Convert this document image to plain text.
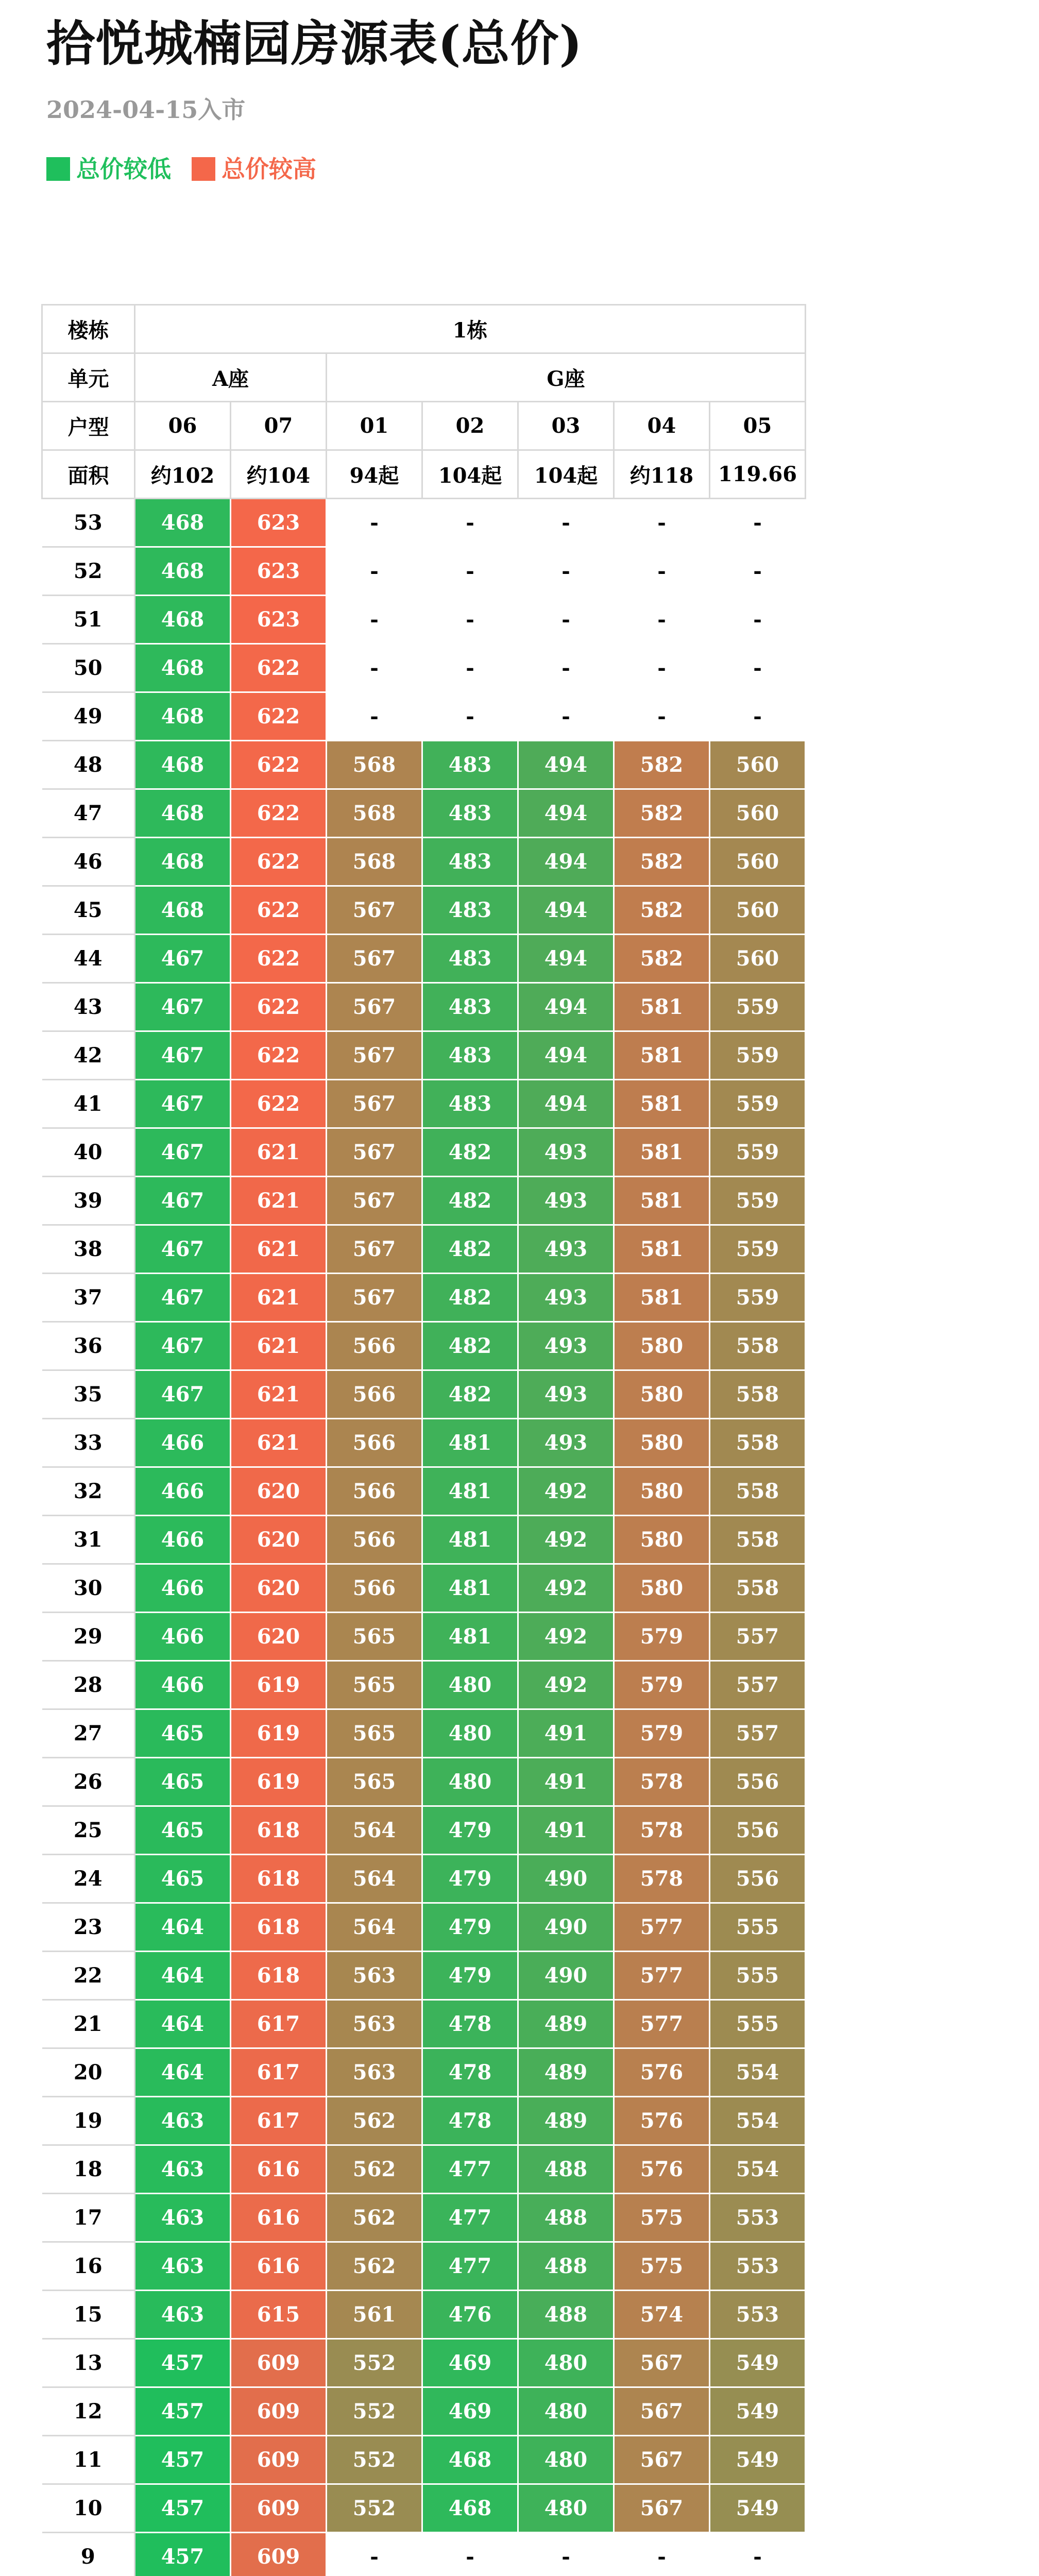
拾悦城楠园房源表(总价)
2024-04-15入市
总价较低 总价较高
楼栋	1栋						
单元	A座		G座				
户型	06	07	01	02	03	04	05
面积	约102	约104	94起	104起	104起	约118	119.66
53	468	623	-	-	-	-	-
52	468	623	-	-	-	-	-
51	468	623	-	-	-	-	-
50	468	622	-	-	-	-	-
49	468	622	-	-	-	-	-
48	468	622	568	483	494	582	560
47	468	622	568	483	494	582	560
46	468	622	568	483	494	582	560
45	468	622	567	483	494	582	560
44	467	622	567	483	494	582	560
43	467	622	567	483	494	581	559
42	467	622	567	483	494	581	559
41	467	622	567	483	494	581	559
40	467	621	567	482	493	581	559
39	467	621	567	482	493	581	559
38	467	621	567	482	493	581	559
37	467	621	567	482	493	581	559
36	467	621	566	482	493	580	558
35	467	621	566	482	493	580	558
33	466	621	566	481	493	580	558
32	466	620	566	481	492	580	558
31	466	620	566	481	492	580	558
30	466	620	566	481	492	580	558
29	466	620	565	481	492	579	557
28	466	619	565	480	492	579	557
27	465	619	565	480	491	579	557
26	465	619	565	480	491	578	556
25	465	618	564	479	491	578	556
24	465	618	564	479	490	578	556
23	464	618	564	479	490	577	555
22	464	618	563	479	490	577	555
21	464	617	563	478	489	577	555
20	464	617	563	478	489	576	554
19	463	617	562	478	489	576	554
18	463	616	562	477	488	576	554
17	463	616	562	477	488	575	553
16	463	616	562	477	488	575	553
15	463	615	561	476	488	574	553
13	457	609	552	469	480	567	549
12	457	609	552	469	480	567	549
11	457	609	552	468	480	567	549
10	457	609	552	468	480	567	549
9	457	609	-	-	-	-	-
